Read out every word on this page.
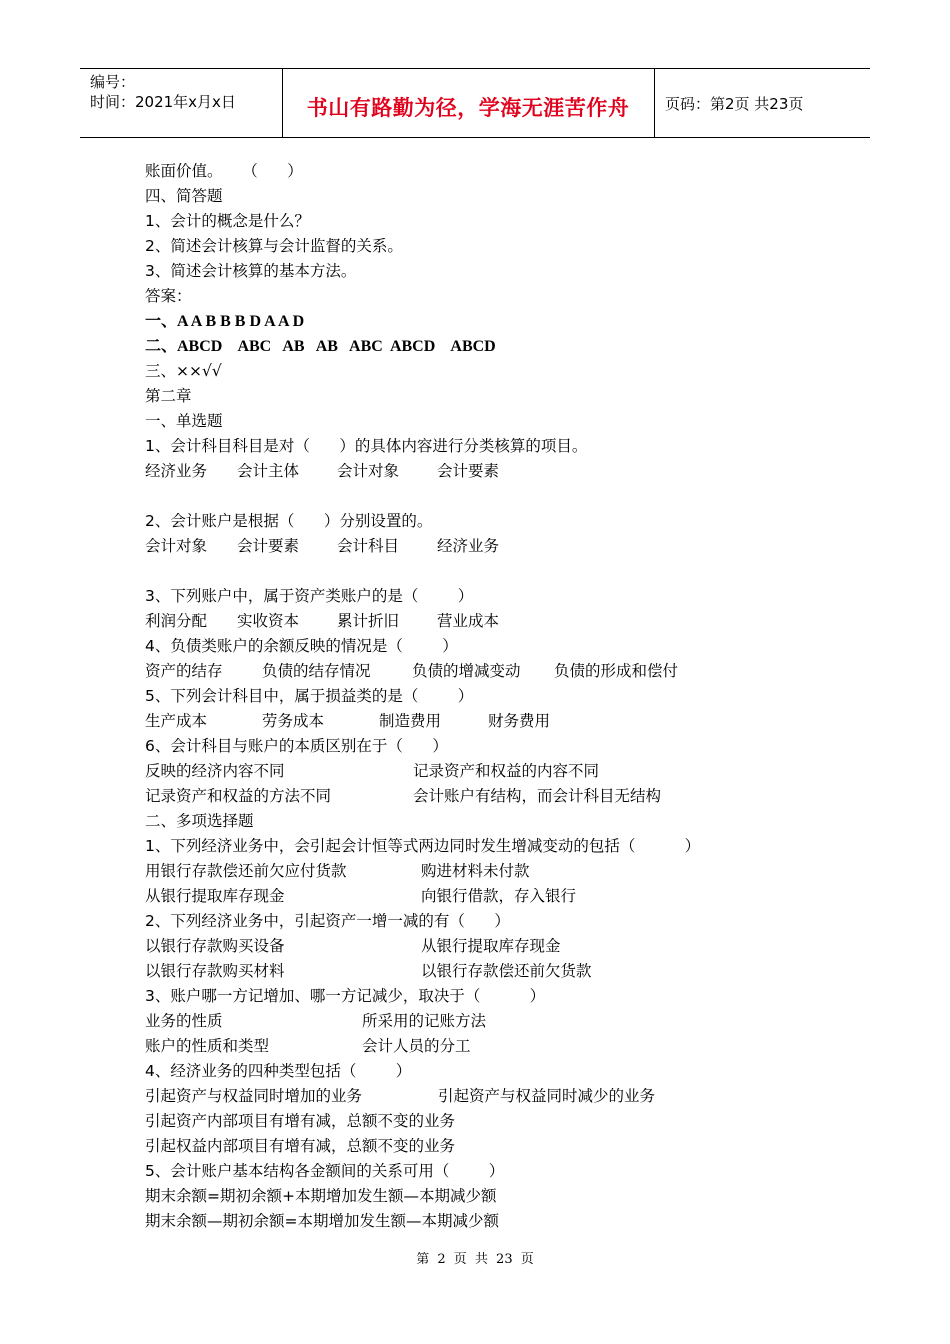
编号：
时间：2021年x月x日	书山有路勤为径，学海无涯苦作舟	页码：第2页 共23页
账面价值。    （      ）
四、简答题
1、会计的概念是什么？
2、简述会计核算与会计监督的关系。
3、简述会计核算的基本方法。
答案：
一、A A B B B D A A D
二、ABCD    ABC   AB   AB   ABC  ABCD    ABCD
三、××√√
第二章
一、单选题
1、会计科目科目是对（      ）的具体内容进行分类核算的项目。
经济业务 会计主体 会计对象 会计要素
2、会计账户是根据（      ）分别设置的。
会计对象 会计要素 会计科目 经济业务
3、下列账户中，属于资产类账户的是（        ）
利润分配 实收资本 累计折旧 营业成本
4、负债类账户的余额反映的情况是（        ）
资产的结存	负债的结存情况	负债的增减变动 负债的形成和偿付
5、下列会计科目中，属于损益类的是（        ）
生产成本	劳务成本	制造费用	财务费用
6、会计科目与账户的本质区别在于（      ）
反映的经济内容不同	记录资产和权益的内容不同
记录资产和权益的方法不同	会计账户有结构，而会计科目无结构
二、多项选择题
1、下列经济业务中，会引起会计恒等式两边同时发生增减变动的包括（          ）
用银行存款偿还前欠应付货款	购进材料未付款
从银行提取库存现金	向银行借款，存入银行
2、下列经济业务中，引起资产一增一减的有（      ）
以银行存款购买设备	从银行提取库存现金
以银行存款购买材料	以银行存款偿还前欠货款
3、账户哪一方记增加、哪一方记减少，取决于（          ）
业务的性质	所采用的记账方法
账户的性质和类型	会计人员的分工
4、经济业务的四种类型包括（        ）
引起资产与权益同时增加的业务	引起资产与权益同时减少的业务
引起资产内部项目有增有减，总额不变的业务
引起权益内部项目有增有减，总额不变的业务
5、会计账户基本结构各金额间的关系可用（        ）
期末余额=期初余额+本期增加发生额—本期减少额
期末余额—期初余额=本期增加发生额—本期减少额
第 2 页 共 23 页
